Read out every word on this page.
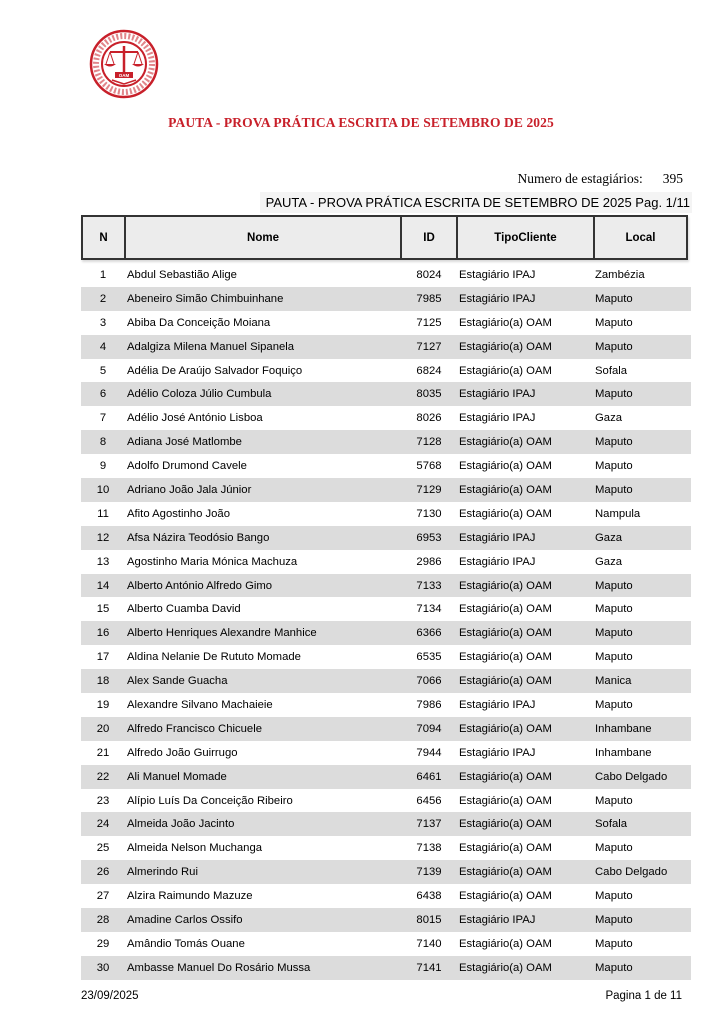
OAM
PAUTA - PROVA PRÁTICA ESCRITA DE SETEMBRO DE 2025
Numero de estagiários: 395
PAUTA - PROVA PRÁTICA ESCRITA DE SETEMBRO DE 2025 Pag. 1/11
N	Nome	ID	TipoCliente	Local
1	Abdul Sebastião Alige	8024	Estagiário IPAJ	Zambézia
2	Abeneiro Simão Chimbuinhane	7985	Estagiário IPAJ	Maputo
3	Abiba Da Conceição Moiana	7125	Estagiário(a) OAM	Maputo
4	Adalgiza Milena Manuel Sipanela	7127	Estagiário(a) OAM	Maputo
5	Adélia De Araújo Salvador Foquiço	6824	Estagiário(a) OAM	Sofala
6	Adélio Coloza Júlio Cumbula	8035	Estagiário IPAJ	Maputo
7	Adélio José António Lisboa	8026	Estagiário IPAJ	Gaza
8	Adiana José Matlombe	7128	Estagiário(a) OAM	Maputo
9	Adolfo Drumond Cavele	5768	Estagiário(a) OAM	Maputo
10	Adriano João Jala Júnior	7129	Estagiário(a) OAM	Maputo
11	Afito Agostinho João	7130	Estagiário(a) OAM	Nampula
12	Afsa Názira Teodósio Bango	6953	Estagiário IPAJ	Gaza
13	Agostinho Maria Mónica Machuza	2986	Estagiário IPAJ	Gaza
14	Alberto António Alfredo Gimo	7133	Estagiário(a) OAM	Maputo
15	Alberto Cuamba David	7134	Estagiário(a) OAM	Maputo
16	Alberto Henriques Alexandre Manhice	6366	Estagiário(a) OAM	Maputo
17	Aldina Nelanie De Rututo Momade	6535	Estagiário(a) OAM	Maputo
18	Alex Sande Guacha	7066	Estagiário(a) OAM	Manica
19	Alexandre Silvano Machaieie	7986	Estagiário IPAJ	Maputo
20	Alfredo Francisco Chicuele	7094	Estagiário(a) OAM	Inhambane
21	Alfredo João Guirrugo	7944	Estagiário IPAJ	Inhambane
22	Ali Manuel Momade	6461	Estagiário(a) OAM	Cabo Delgado
23	Alípio Luís Da Conceição Ribeiro	6456	Estagiário(a) OAM	Maputo
24	Almeida João Jacinto	7137	Estagiário(a) OAM	Sofala
25	Almeida Nelson Muchanga	7138	Estagiário(a) OAM	Maputo
26	Almerindo Rui	7139	Estagiário(a) OAM	Cabo Delgado
27	Alzira Raimundo Mazuze	6438	Estagiário(a) OAM	Maputo
28	Amadine Carlos Ossifo	8015	Estagiário IPAJ	Maputo
29	Amândio Tomás Ouane	7140	Estagiário(a) OAM	Maputo
30	Ambasse Manuel Do Rosário Mussa	7141	Estagiário(a) OAM	Maputo
23/09/2025	Pagina 1 de 11
